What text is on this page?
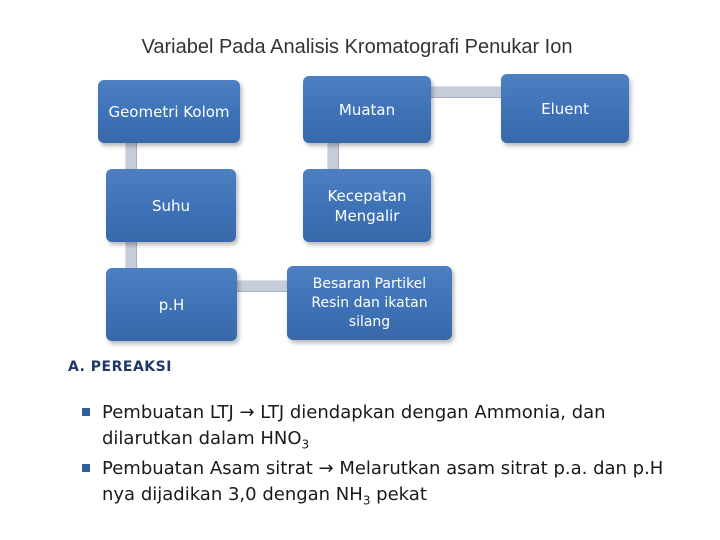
Variabel Pada Analisis Kromatografi Penukar Ion
Geometri Kolom	Muatan	Eluent
Suhu
Kecepatan Mengalir
p.H
Besaran Partikel Resin dan ikatan silang
A. PEREAKSI
Pembuatan LTJ → LTJ diendapkan dengan Ammonia, dan dilarutkan dalam $HNO_3$
Pembuatan Asam sitrat → Melarutkan asam sitrat p.a. dan p.H nya dijadikan 3,0 dengan $NH_3$ pekat
